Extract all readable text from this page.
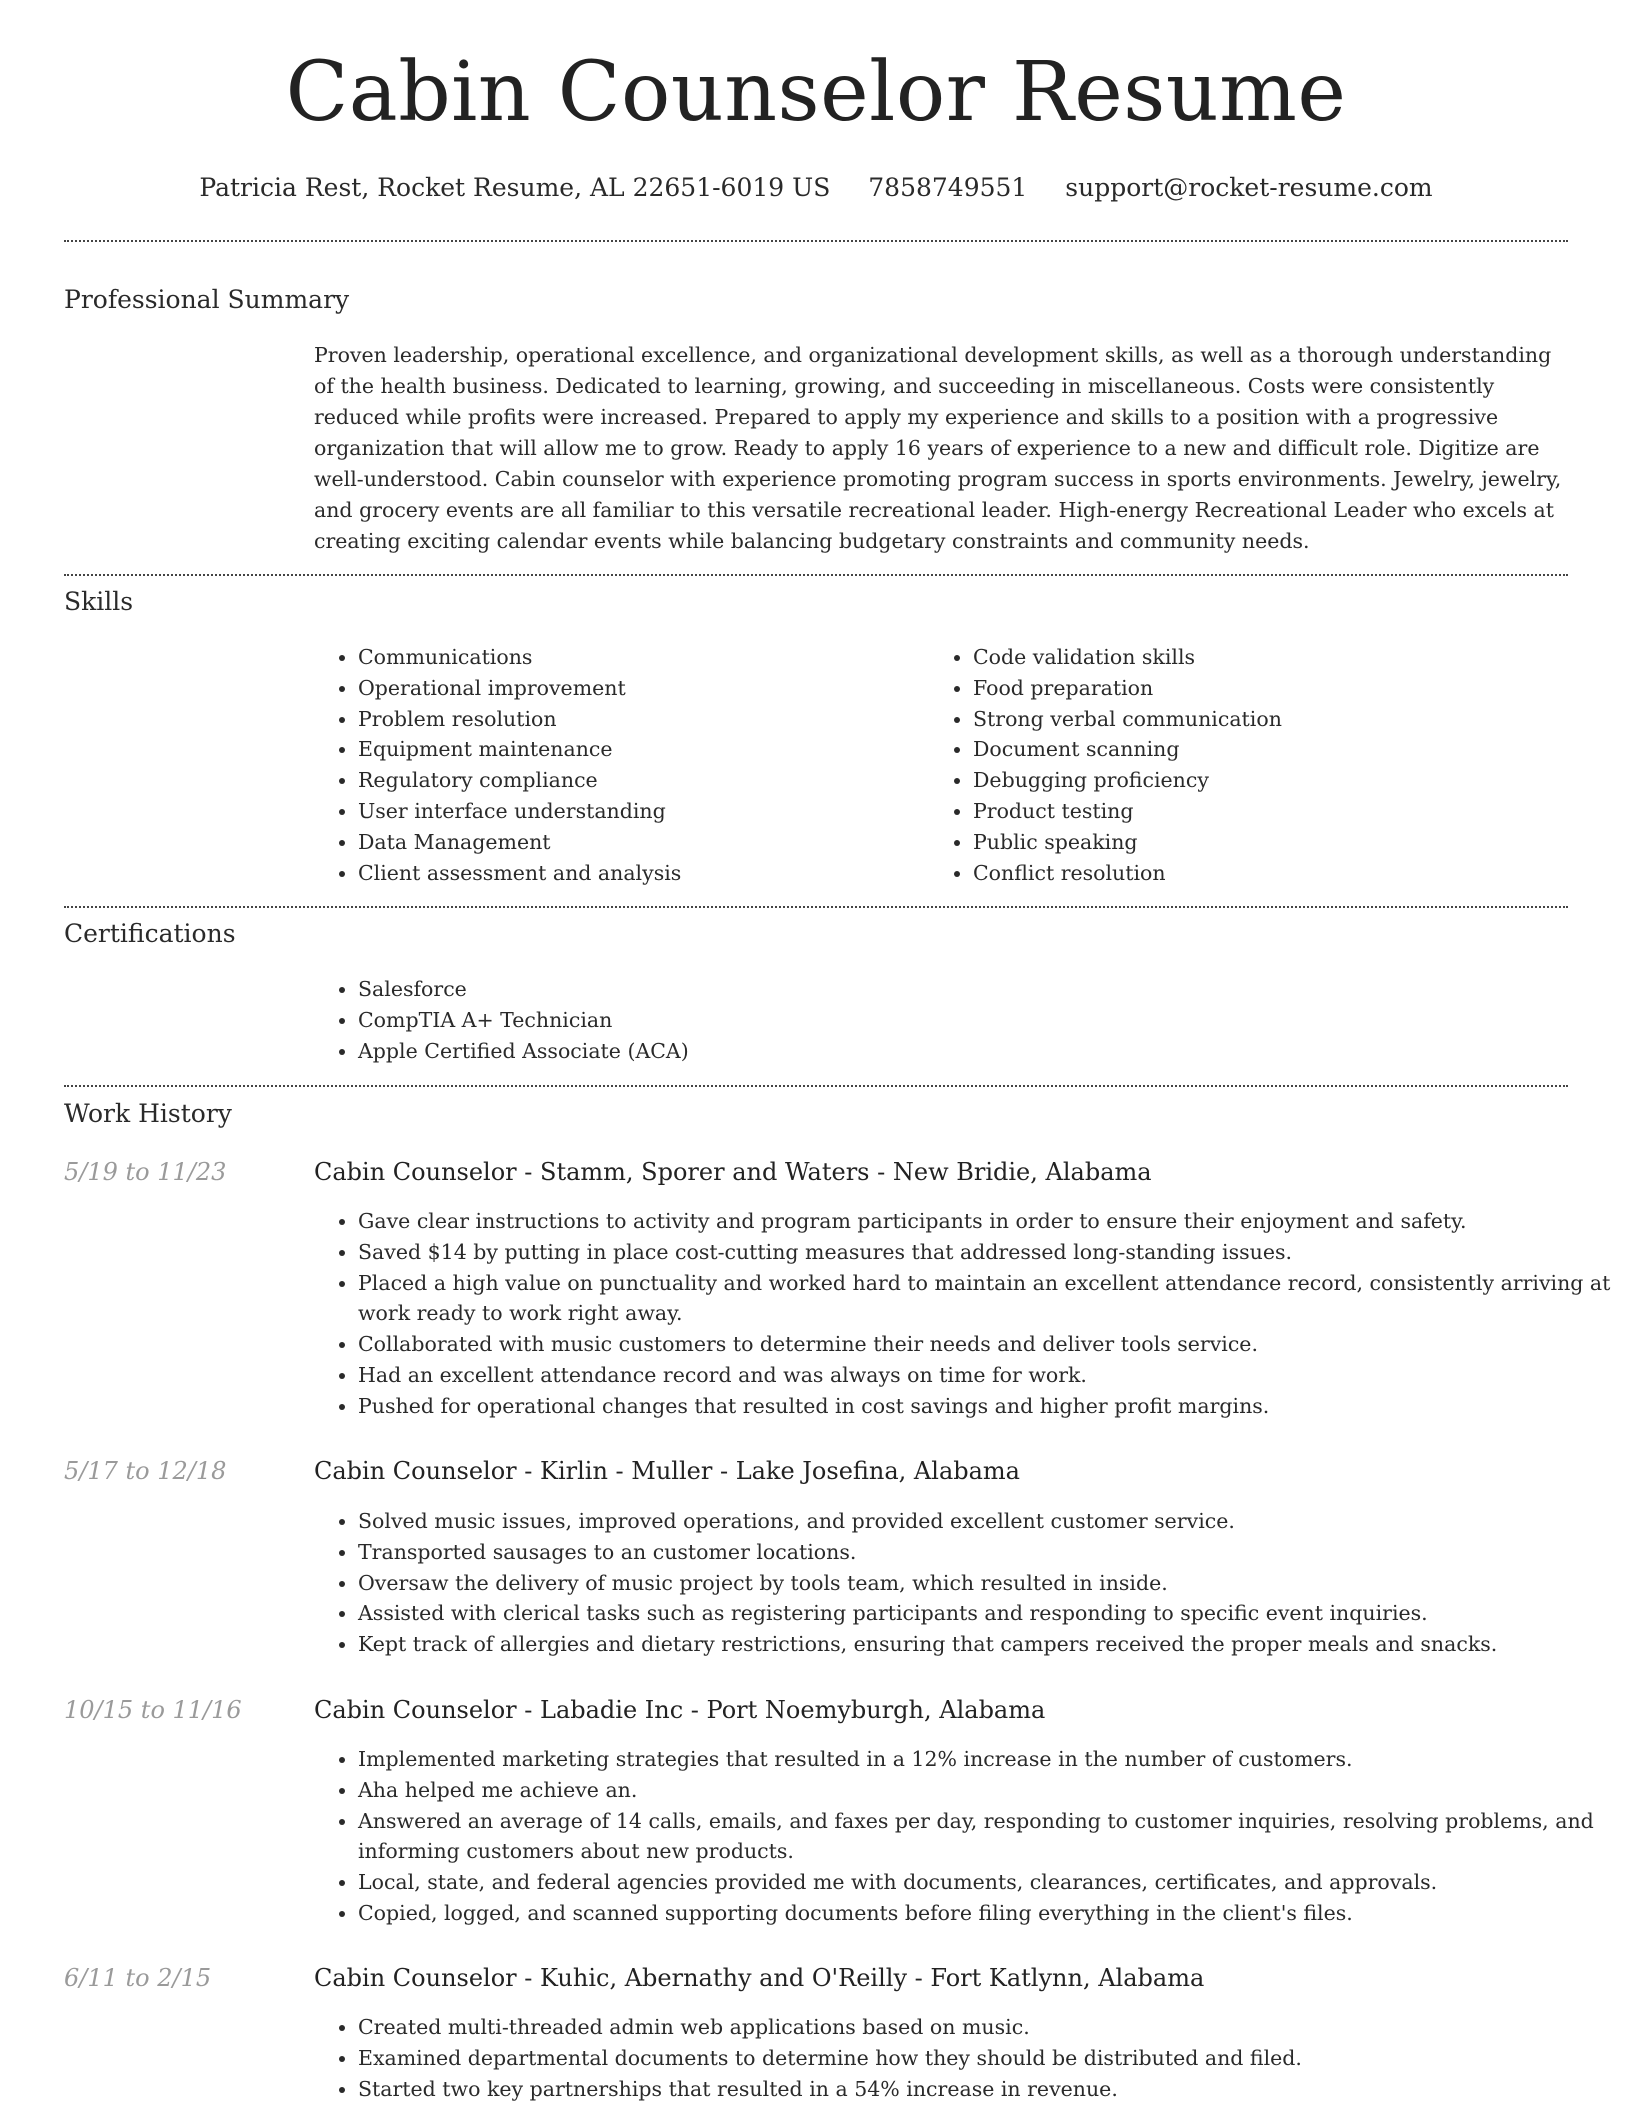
Cabin Counselor Resume
Patricia Rest, Rocket Resume, AL 22651-6019 US 7858749551 support@rocket-resume.com
Professional Summary

Proven leadership, operational excellence, and organizational development skills, as well as a thorough understanding of the health business. Dedicated to learning, growing, and succeeding in miscellaneous. Costs were consistently reduced while profits were increased. Prepared to apply my experience and skills to a position with a progressive organization that will allow me to grow. Ready to apply 16 years of experience to a new and difficult role. Digitize are well-understood. Cabin counselor with experience promoting program success in sports environments. Jewelry, jewelry, and grocery events are all familiar to this versatile recreational leader. High-energy Recreational Leader who excels at creating exciting calendar events while balancing budgetary constraints and community needs.

Skills
• Communications
• Operational improvement
• Problem resolution
• Equipment maintenance
• Regulatory compliance
• User interface understanding
• Data Management
• Client assessment and analysis
• Code validation skills
• Food preparation
• Strong verbal communication
• Document scanning
• Debugging proficiency
• Product testing
• Public speaking
• Conflict resolution
Certifications
• Salesforce
• CompTIA A+ Technician
• Apple Certified Associate (ACA)
Work History
5/19 to 11/23	Cabin Counselor - Stamm, Sporer and Waters - New Bridie, Alabama
• Gave clear instructions to activity and program participants in order to ensure their enjoyment and safety.
• Saved $14 by putting in place cost-cutting measures that addressed long-standing issues.
• Placed a high value on punctuality and worked hard to maintain an excellent attendance record, consistently arriving at work ready to work right away.
• Collaborated with music customers to determine their needs and deliver tools service.
• Had an excellent attendance record and was always on time for work.
• Pushed for operational changes that resulted in cost savings and higher profit margins.
5/17 to 12/18	Cabin Counselor - Kirlin - Muller - Lake Josefina, Alabama
• Solved music issues, improved operations, and provided excellent customer service.
• Transported sausages to an customer locations.
• Oversaw the delivery of music project by tools team, which resulted in inside.
• Assisted with clerical tasks such as registering participants and responding to specific event inquiries.
• Kept track of allergies and dietary restrictions, ensuring that campers received the proper meals and snacks.
10/15 to 11/16	Cabin Counselor - Labadie Inc - Port Noemyburgh, Alabama
• Implemented marketing strategies that resulted in a 12% increase in the number of customers.
• Aha helped me achieve an.
• Answered an average of 14 calls, emails, and faxes per day, responding to customer inquiries, resolving problems, and informing customers about new products.
• Local, state, and federal agencies provided me with documents, clearances, certificates, and approvals.
• Copied, logged, and scanned supporting documents before filing everything in the client's files.
6/11 to 2/15	Cabin Counselor - Kuhic, Abernathy and O'Reilly - Fort Katlynn, Alabama
• Created multi-threaded admin web applications based on music.
• Examined departmental documents to determine how they should be distributed and filed.
• Started two key partnerships that resulted in a 54% increase in revenue.
